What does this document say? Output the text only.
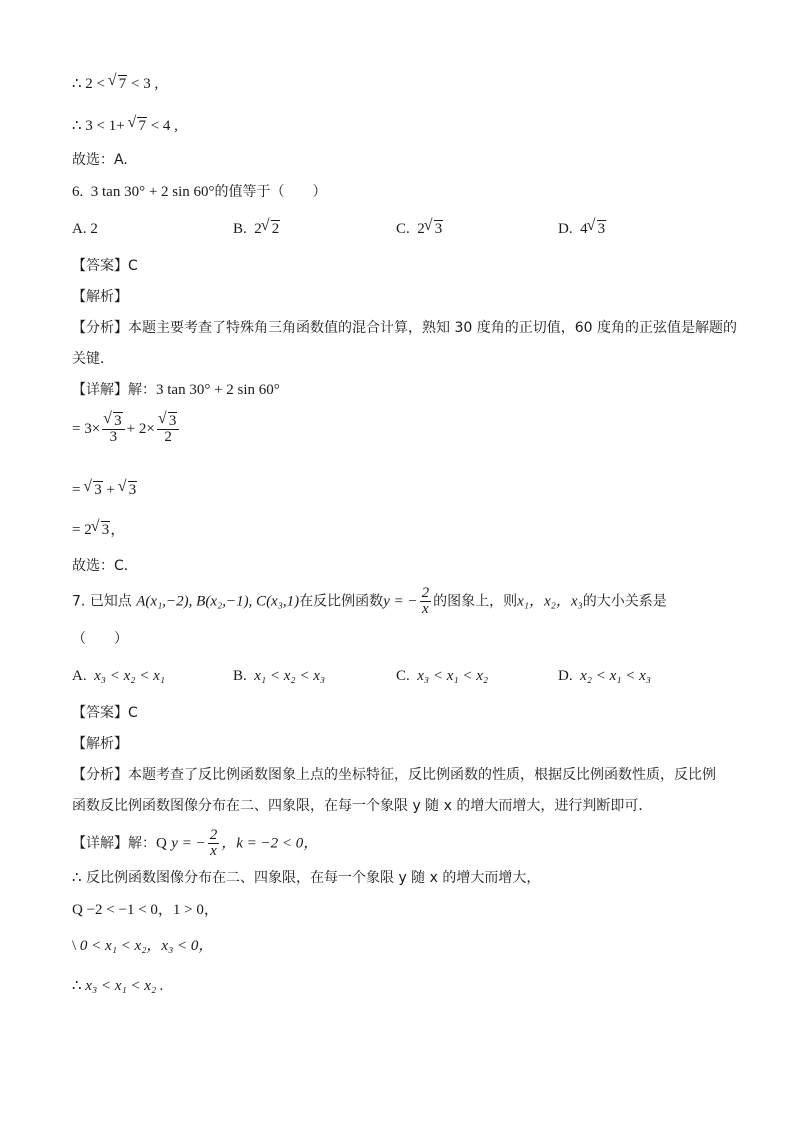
∴ 2 < √ 7 < 3 ,
∴ 3 < 1+ √ 7 < 4 ,
故选：A.
6. 3 tan 30° + 2 sin 60°的值等于（　　）
A. 2	B. 2 √ 2	C. 2 √ 3	D. 4 √ 3
【答案】C
【解析】
【分析】本题主要考查了特殊角三角函数值的混合计算，熟知 30 度角的正切值，60 度角的正弦值是解题的
关键．
【详解】解：3 tan 30° + 2 sin 60°
= 3× √ $\frac{3}{3} + 2\times$ √ $\frac{3}{2}$
= √ 3 + √ 3
= 2 √ 3，
故选：C．
7. 已知点 A(x₁,−2), B(x₂,−1), C(x₃,1)在反比例函数y = − $\frac{2}{x}$ 的图象上，则x₁，x₂，x₃的大小关系是
（　　）
A. x₃ < x₂ < x₁	B. x₁ < x₂ < x₃	C. x₃ < x₁ < x₂	D. x₂ < x₁ < x₃
【答案】C
【解析】
【分析】本题考查了反比例函数图象上点的坐标特征，反比例函数的性质，根据反比例函数性质，反比例
函数反比例函数图像分布在二、四象限，在每一个象限 y 随 x 的增大而增大，进行判断即可．
【详解】解：Q y = − $\frac{2}{x}$ ，k = −2 < 0，
∴ 反比例函数图像分布在二、四象限，在每一个象限 y 随 x 的增大而增大，
Q −2 < −1 < 0，1 > 0，
\ 0 < x₁ < x₂，x₃ < 0，
∴ x₃ < x₁ < x₂ .
